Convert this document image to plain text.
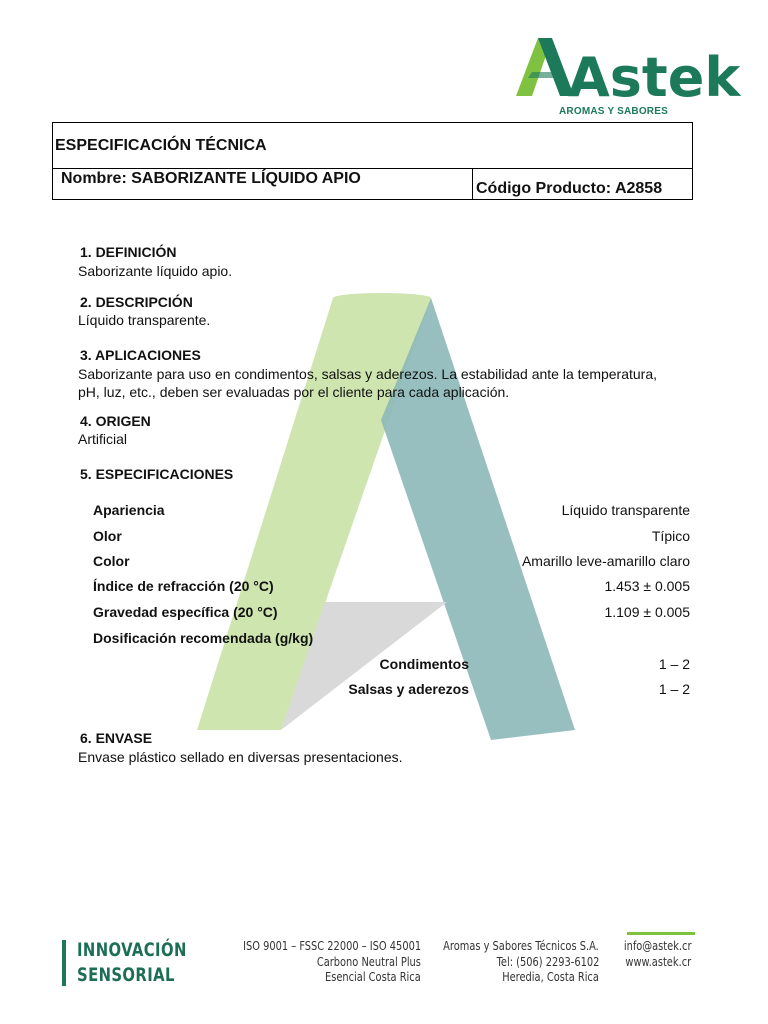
Astek
AROMAS Y SABORES
ESPECIFICACIÓN TÉCNICA
Nombre: SABORIZANTE LÍQUIDO APIO
Código Producto: A2858
1. DEFINICIÓN
Saborizante líquido apio.
2. DESCRIPCIÓN
Líquido transparente.
3. APLICACIONES
Saborizante para uso en condimentos, salsas y aderezos. La estabilidad ante la temperatura,
pH, luz, etc., deben ser evaluadas por el cliente para cada aplicación.
4. ORIGEN
Artificial
5. ESPECIFICACIONES
Apariencia	Líquido transparente
Olor	Típico
Color	Amarillo leve-amarillo claro
Índice de refracción (20 °C)	1.453 ± 0.005
Gravedad específica (20 °C)	1.109 ± 0.005
Dosificación recomendada (g/kg)
Condimentos	1 – 2
Salsas y aderezos	1 – 2
6. ENVASE
Envase plástico sellado en diversas presentaciones.
INNOVACIÓN
SENSORIAL
ISO 9001 – FSSC 22000 – ISO 45001
Carbono Neutral Plus
Esencial Costa Rica
Aromas y Sabores Técnicos S.A.
Tel: (506) 2293-6102
Heredia, Costa Rica
info@astek.cr
www.astek.cr
